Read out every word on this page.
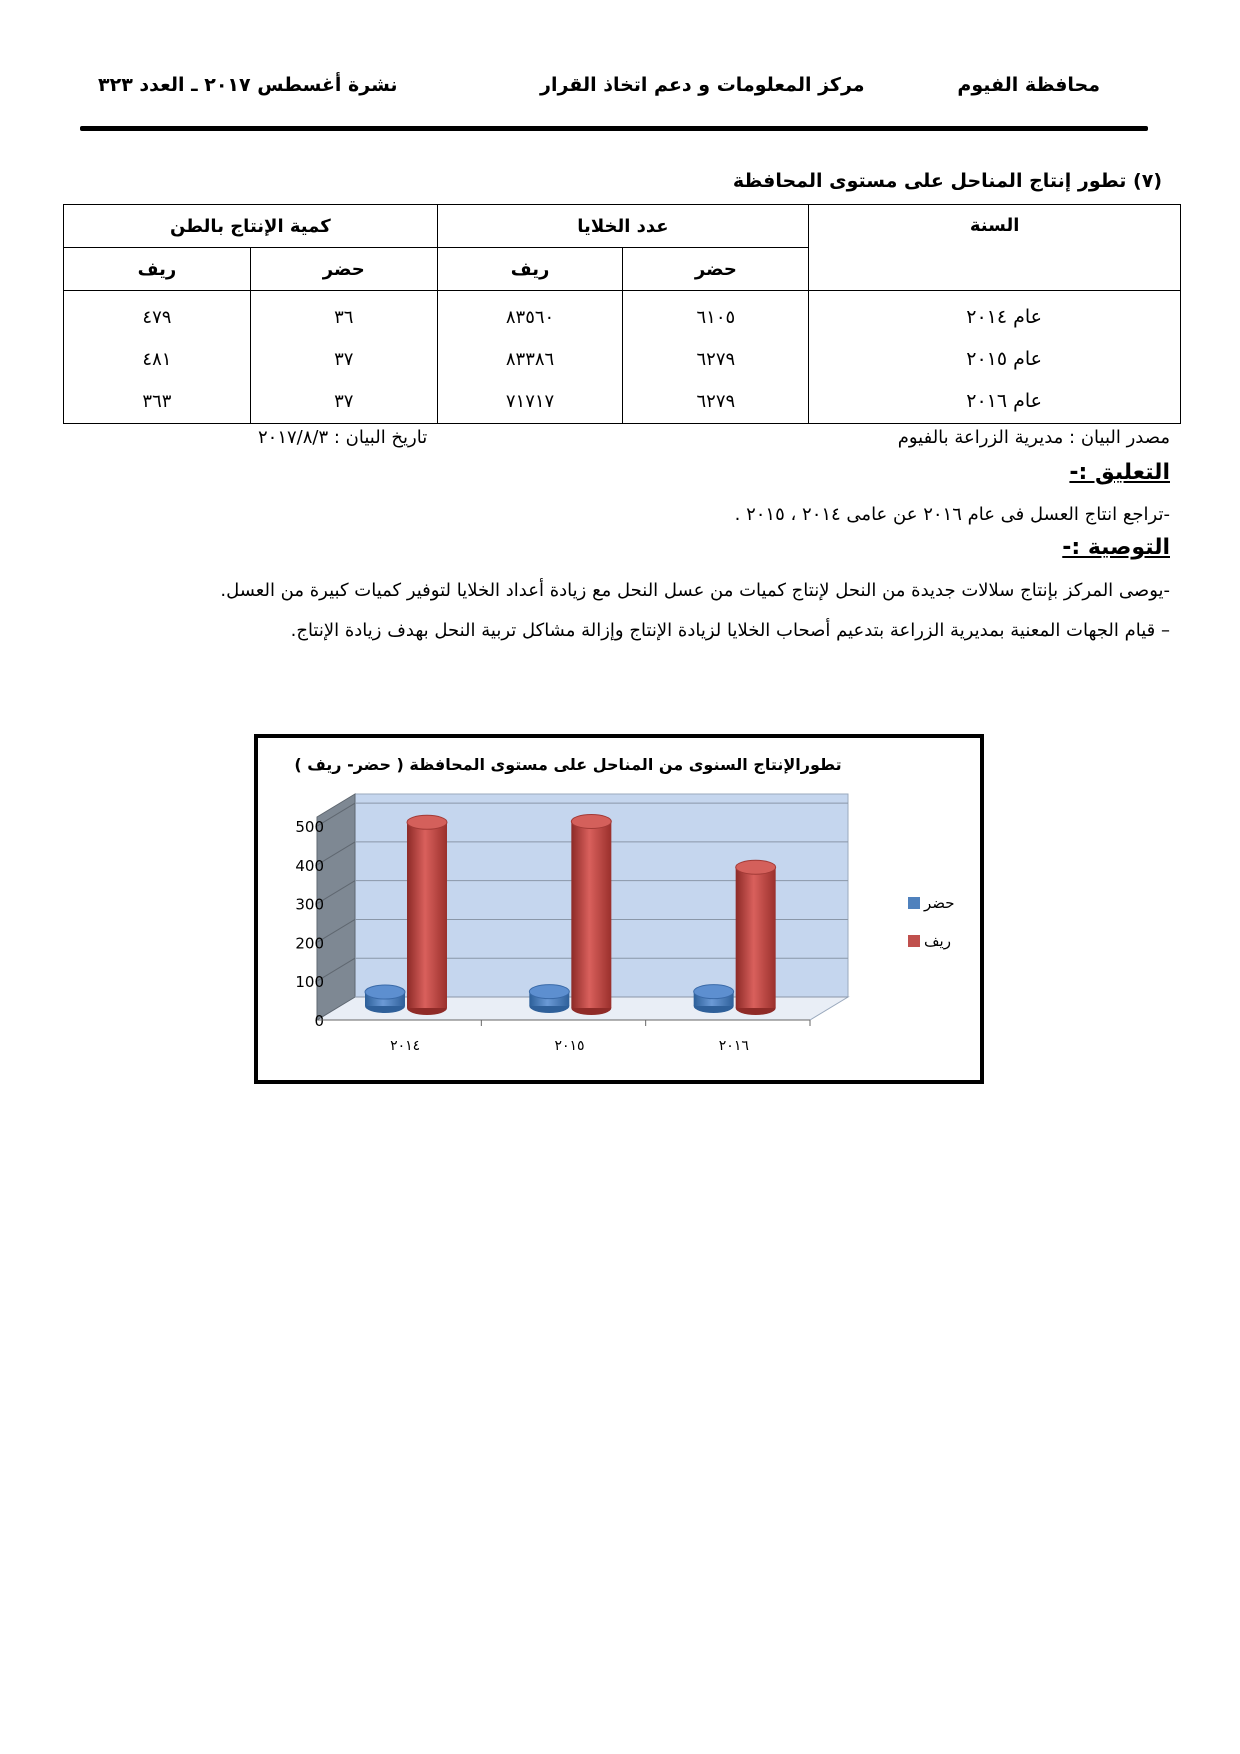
محافظة الفيوم
مركز المعلومات و دعم اتخاذ القرار
نشرة أغسطس ٢٠١٧ ـ العدد ٣٢٣
(٧) تطور إنتاج المناحل على مستوى المحافظة
السنة	عدد الخلايا		كمية الإنتاج بالطن	
	حضر	ريف	حضر	ريف
عام ٢٠١٤	٦١٠٥	٨٣٥٦٠	٣٦	٤٧٩
عام ٢٠١٥	٦٢٧٩	٨٣٣٨٦	٣٧	٤٨١
عام ٢٠١٦	٦٢٧٩	٧١٧١٧	٣٧	٣٦٣
مصدر البيان : مديرية الزراعة بالفيوم
تاريخ البيان : ٢٠١٧/٨/٣
التعليق :-
-تراجع انتاج العسل فى عام ٢٠١٦ عن عامى ٢٠١٤ ، ٢٠١٥ .
التوصية :-
-يوصى المركز بإنتاج سلالات جديدة من النحل لإنتاج كميات من عسل النحل مع زيادة أعداد الخلايا لتوفير كميات كبيرة من العسل.
– قيام الجهات المعنية بمديرية الزراعة بتدعيم أصحاب الخلايا لزيادة الإنتاج وإزالة مشاكل تربية النحل بهدف زيادة الإنتاج.
تطورالإنتاج السنوى من المناحل على مستوى المحافظة ( حضر- ريف )
0
100
200
300
400
500
٢٠١٤	٢٠١٥	٢٠١٦
حضر
ريف
